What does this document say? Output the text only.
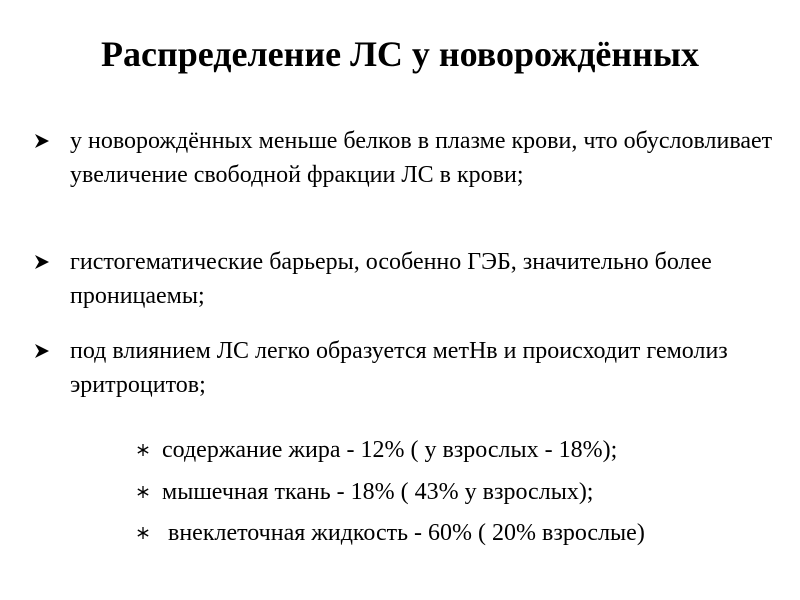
Распределение ЛС у новорождённых
у новорождённых меньше белков в плазме крови, что обусловливает увеличение свободной фракции ЛС в крови;
гистогематические барьеры, особенно ГЭБ, значительно более проницаемы;
под влиянием ЛС легко образуется метНв и происходит гемолиз эритроцитов;
содержание жира - 12% ( у взрослых - 18%);
мышечная ткань - 18% ( 43% у взрослых);
внеклеточная жидкость - 60% ( 20% взрослые)
